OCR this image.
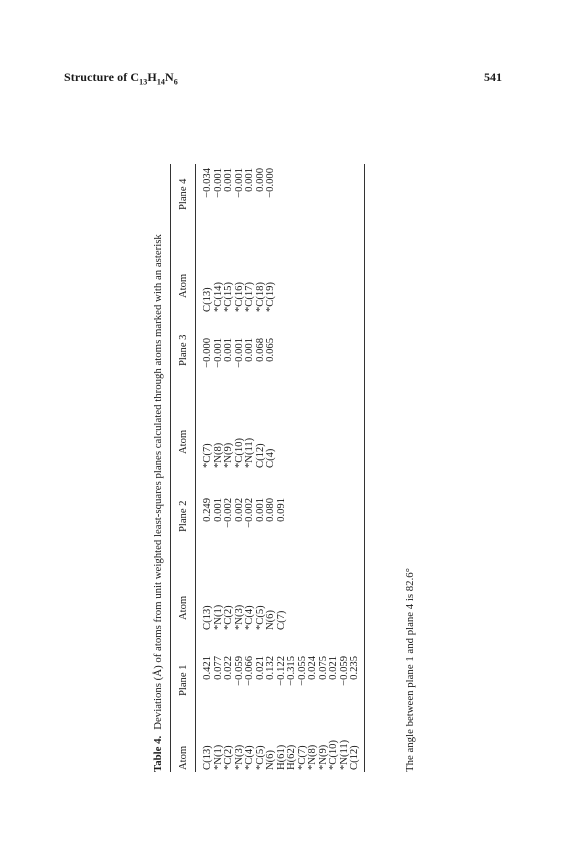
Structure of $C_{13}H_{14}N_6$	541
Table 4.Deviations (Å) of atoms from unit weighted least-squares planes calculated through atoms marked with an asterisk
Atom C(13) *N(1) *C(2) *N(3) *C(4) *C(5) N(6) H(61) H(62) *C(7) *N(8) *N(9) *C(10) *N(11) C(12)
Plane 1 0.421 0.077 0.022 −0.059 −0.066 0.021 0.132 −0.122 −0.315 −0.055 0.024 0.075 0.021 −0.059 0.235
Atom C(13) *N(1) *C(2) *N(3) *C(4) *C(5) N(6) C(7)
Plane 2 0.249 0.001 −0.002 0.002 −0.002 0.001 0.080 0.091
Atom
*C(7) *N(8) *N(9) *C(10) *N(11) C(12) C(4)
Plane 3 −0.000 −0.001 0.001 −0.001 0.001 0.068 0.065
Atom
C(13) *C(14) *C(15) *C(16) *C(17) *C(18) *C(19)
Plane 4 −0.034 −0.001 0.001 −0.001 0.001 0.000 −0.000
The angle between plane 1 and plane 4 is 82.6°
